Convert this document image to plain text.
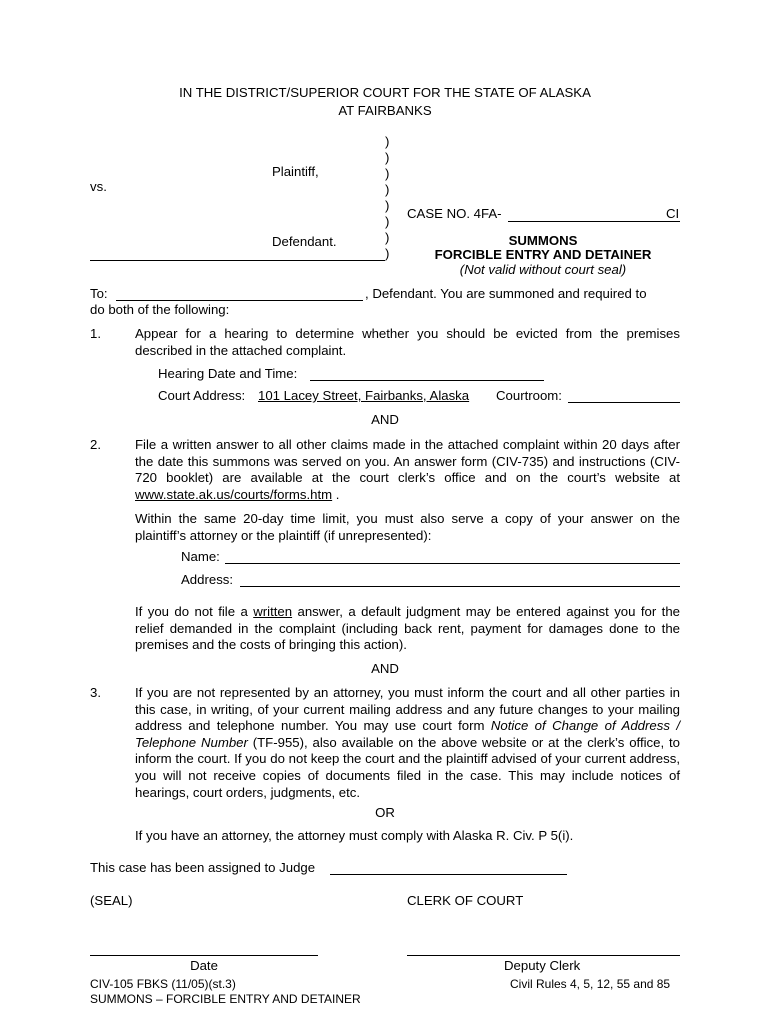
IN THE DISTRICT/SUPERIOR COURT FOR THE STATE OF ALASKA
AT FAIRBANKS
)
)
)
)
)
)
)
)
Plaintiff,
vs.
Defendant.
CASE NO. 4FA-	CI
SUMMONS
FORCIBLE ENTRY AND DETAINER
(Not valid without court seal)
To:	, Defendant. You are summoned and required to
do both of the following:
1.	Appear for a hearing to determine whether you should be evicted from the premises described in the attached complaint.
Hearing Date and Time:
Court Address: 101 Lacey Street, Fairbanks, Alaska Courtroom:
AND
2.	File a written answer to all other claims made in the attached complaint within 20 days after the date this summons was served on you. An answer form (CIV-735) and instructions (CIV-720 booklet) are available at the court clerk’s office and on the court’s website at www.state.ak.us/courts/forms.htm .
Within the same 20-day time limit, you must also serve a copy of your answer on the plaintiff’s attorney or the plaintiff (if unrepresented):
Name:
Address:
If you do not file a written answer, a default judgment may be entered against you for the relief demanded in the complaint (including back rent, payment for damages done to the premises and the costs of bringing this action).
AND
3.	If you are not represented by an attorney, you must inform the court and all other parties in this case, in writing, of your current mailing address and any future changes to your mailing address and telephone number. You may use court form Notice of Change of Address / Telephone Number (TF-955), also available on the above website or at the clerk’s office, to inform the court. If you do not keep the court and the plaintiff advised of your current address, you will not receive copies of documents filed in the case. This may include notices of hearings, court orders, judgments, etc.
OR
If you have an attorney, the attorney must comply with Alaska R. Civ. P 5(i).
This case has been assigned to Judge
(SEAL)	CLERK OF COURT
Date	Deputy Clerk
CIV-105 FBKS (11/05)(st.3)
SUMMONS – FORCIBLE ENTRY AND DETAINER
Civil Rules 4, 5, 12, 55 and 85
